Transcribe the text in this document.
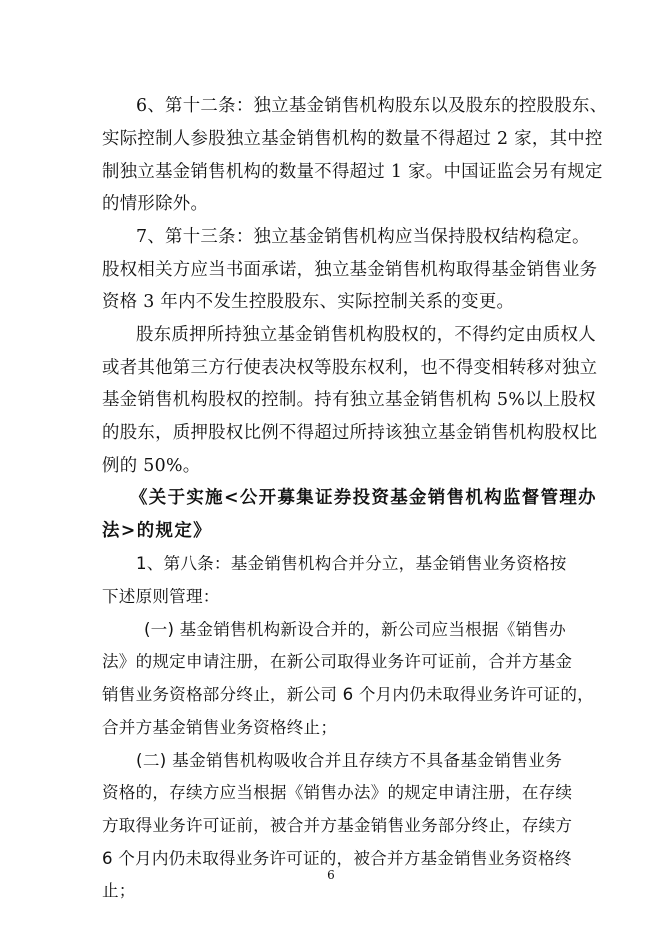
6、第十二条：独立基金销售机构股东以及股东的控股股东、
实际控制人参股独立基金销售机构的数量不得超过 2 家，其中控
制独立基金销售机构的数量不得超过 1 家。中国证监会另有规定
的情形除外。
7、第十三条：独立基金销售机构应当保持股权结构稳定。
股权相关方应当书面承诺，独立基金销售机构取得基金销售业务
资格 3 年内不发生控股股东、实际控制关系的变更。
股东质押所持独立基金销售机构股权的，不得约定由质权人
或者其他第三方行使表决权等股东权利，也不得变相转移对独立
基金销售机构股权的控制。持有独立基金销售机构 5%以上股权
的股东，质押股权比例不得超过所持该独立基金销售机构股权比
例的 50%。
《关于实施<公开募集证券投资基金销售机构监督管理办
法>的规定》
1、第八条：基金销售机构合并分立，基金销售业务资格按
下述原则管理：
(一) 基金销售机构新设合并的，新公司应当根据《销售办
法》的规定申请注册，在新公司取得业务许可证前，合并方基金
销售业务资格部分终止，新公司 6 个月内仍未取得业务许可证的，
合并方基金销售业务资格终止；
(二) 基金销售机构吸收合并且存续方不具备基金销售业务
资格的，存续方应当根据《销售办法》的规定申请注册，在存续
方取得业务许可证前，被合并方基金销售业务部分终止，存续方
6 个月内仍未取得业务许可证的，被合并方基金销售业务资格终
止；
6
